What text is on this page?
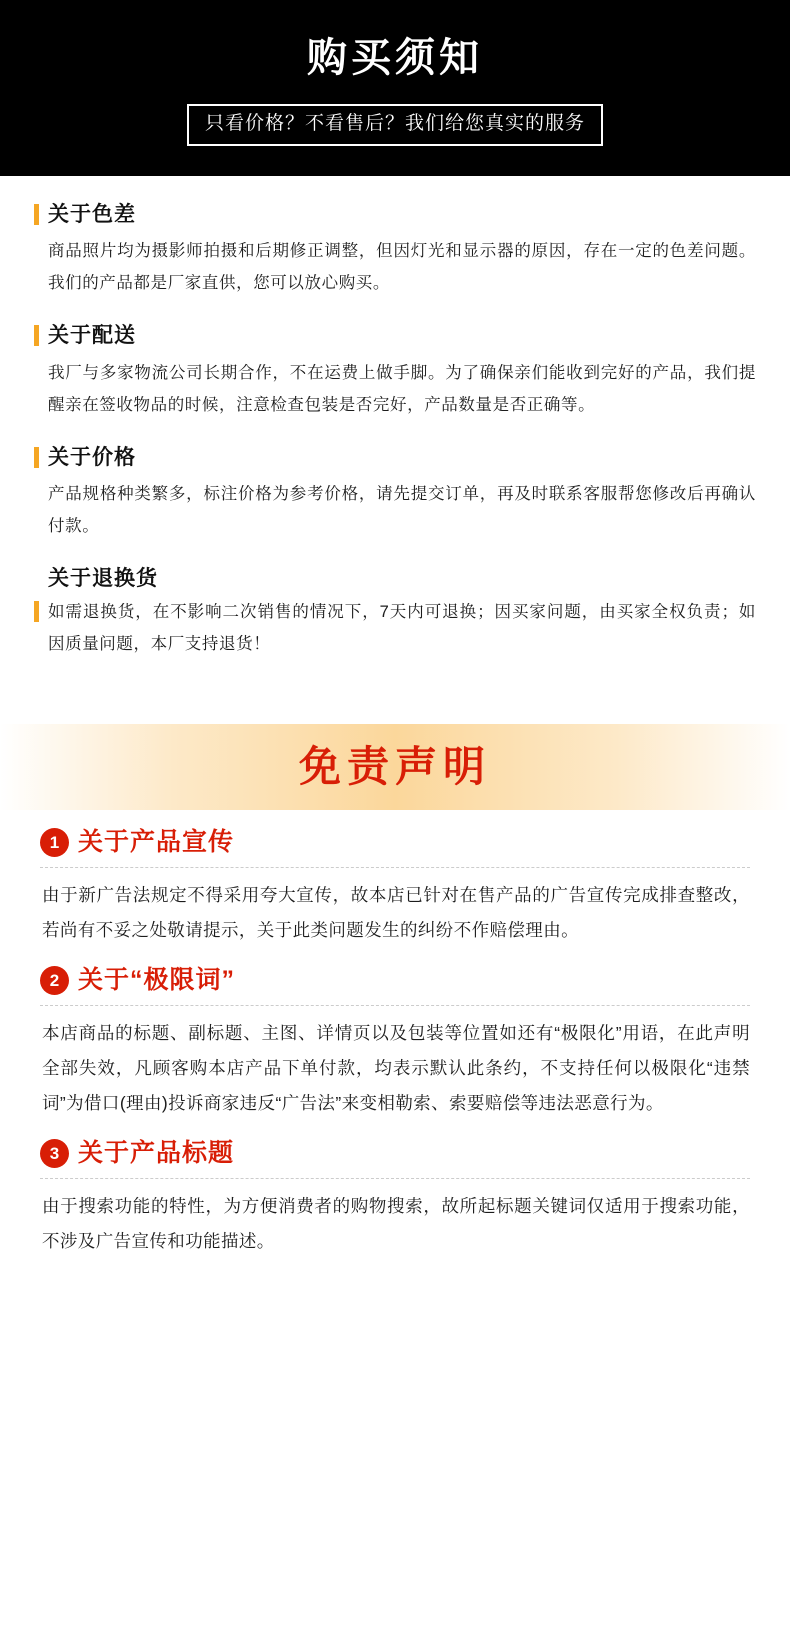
购买须知
只看价格？不看售后？我们给您真实的服务
关于色差
商品照片均为摄影师拍摄和后期修正调整，但因灯光和显示器的原因，存在一定的色差问题。我们的产品都是厂家直供，您可以放心购买。
关于配送
我厂与多家物流公司长期合作，不在运费上做手脚。为了确保亲们能收到完好的产品，我们提醒亲在签收物品的时候，注意检查包装是否完好，产品数量是否正确等。
关于价格
产品规格种类繁多，标注价格为参考价格，请先提交订单，再及时联系客服帮您修改后再确认付款。
关于退换货
如需退换货，在不影响二次销售的情况下，7天内可退换；因买家问题，由买家全权负责；如因质量问题，本厂支持退货！
免责声明
1 关于产品宣传
由于新广告法规定不得采用夸大宣传，故本店已针对在售产品的广告宣传完成排查整改，若尚有不妥之处敬请提示，关于此类问题发生的纠纷不作赔偿理由。
2 关于“极限词”
本店商品的标题、副标题、主图、详情页以及包装等位置如还有“极限化”用语，在此声明全部失效，凡顾客购本店产品下单付款，均表示默认此条约，不支持任何以极限化“违禁词”为借口(理由)投诉商家违反“广告法”来变相勒索、索要赔偿等违法恶意行为。
3 关于产品标题
由于搜索功能的特性，为方便消费者的购物搜索，故所起标题关键词仅适用于搜索功能，不涉及广告宣传和功能描述。
